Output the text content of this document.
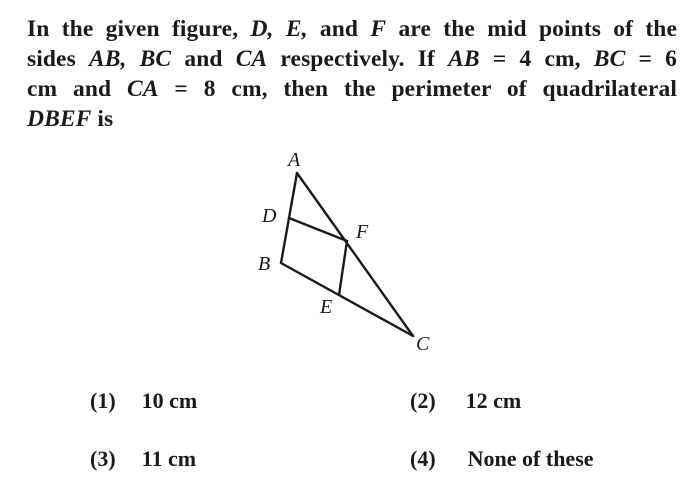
In the given figure, D, E, and F are the mid points of the
sides AB, BC and CA respectively. If AB = 4 cm, BC = 6
cm and CA = 8 cm, then the perimeter of quadrilateral
DBEF is
A
D
F
B
E
C
(1) 10 cm	(2) 12 cm
(3) 11 cm	(4) None of these
